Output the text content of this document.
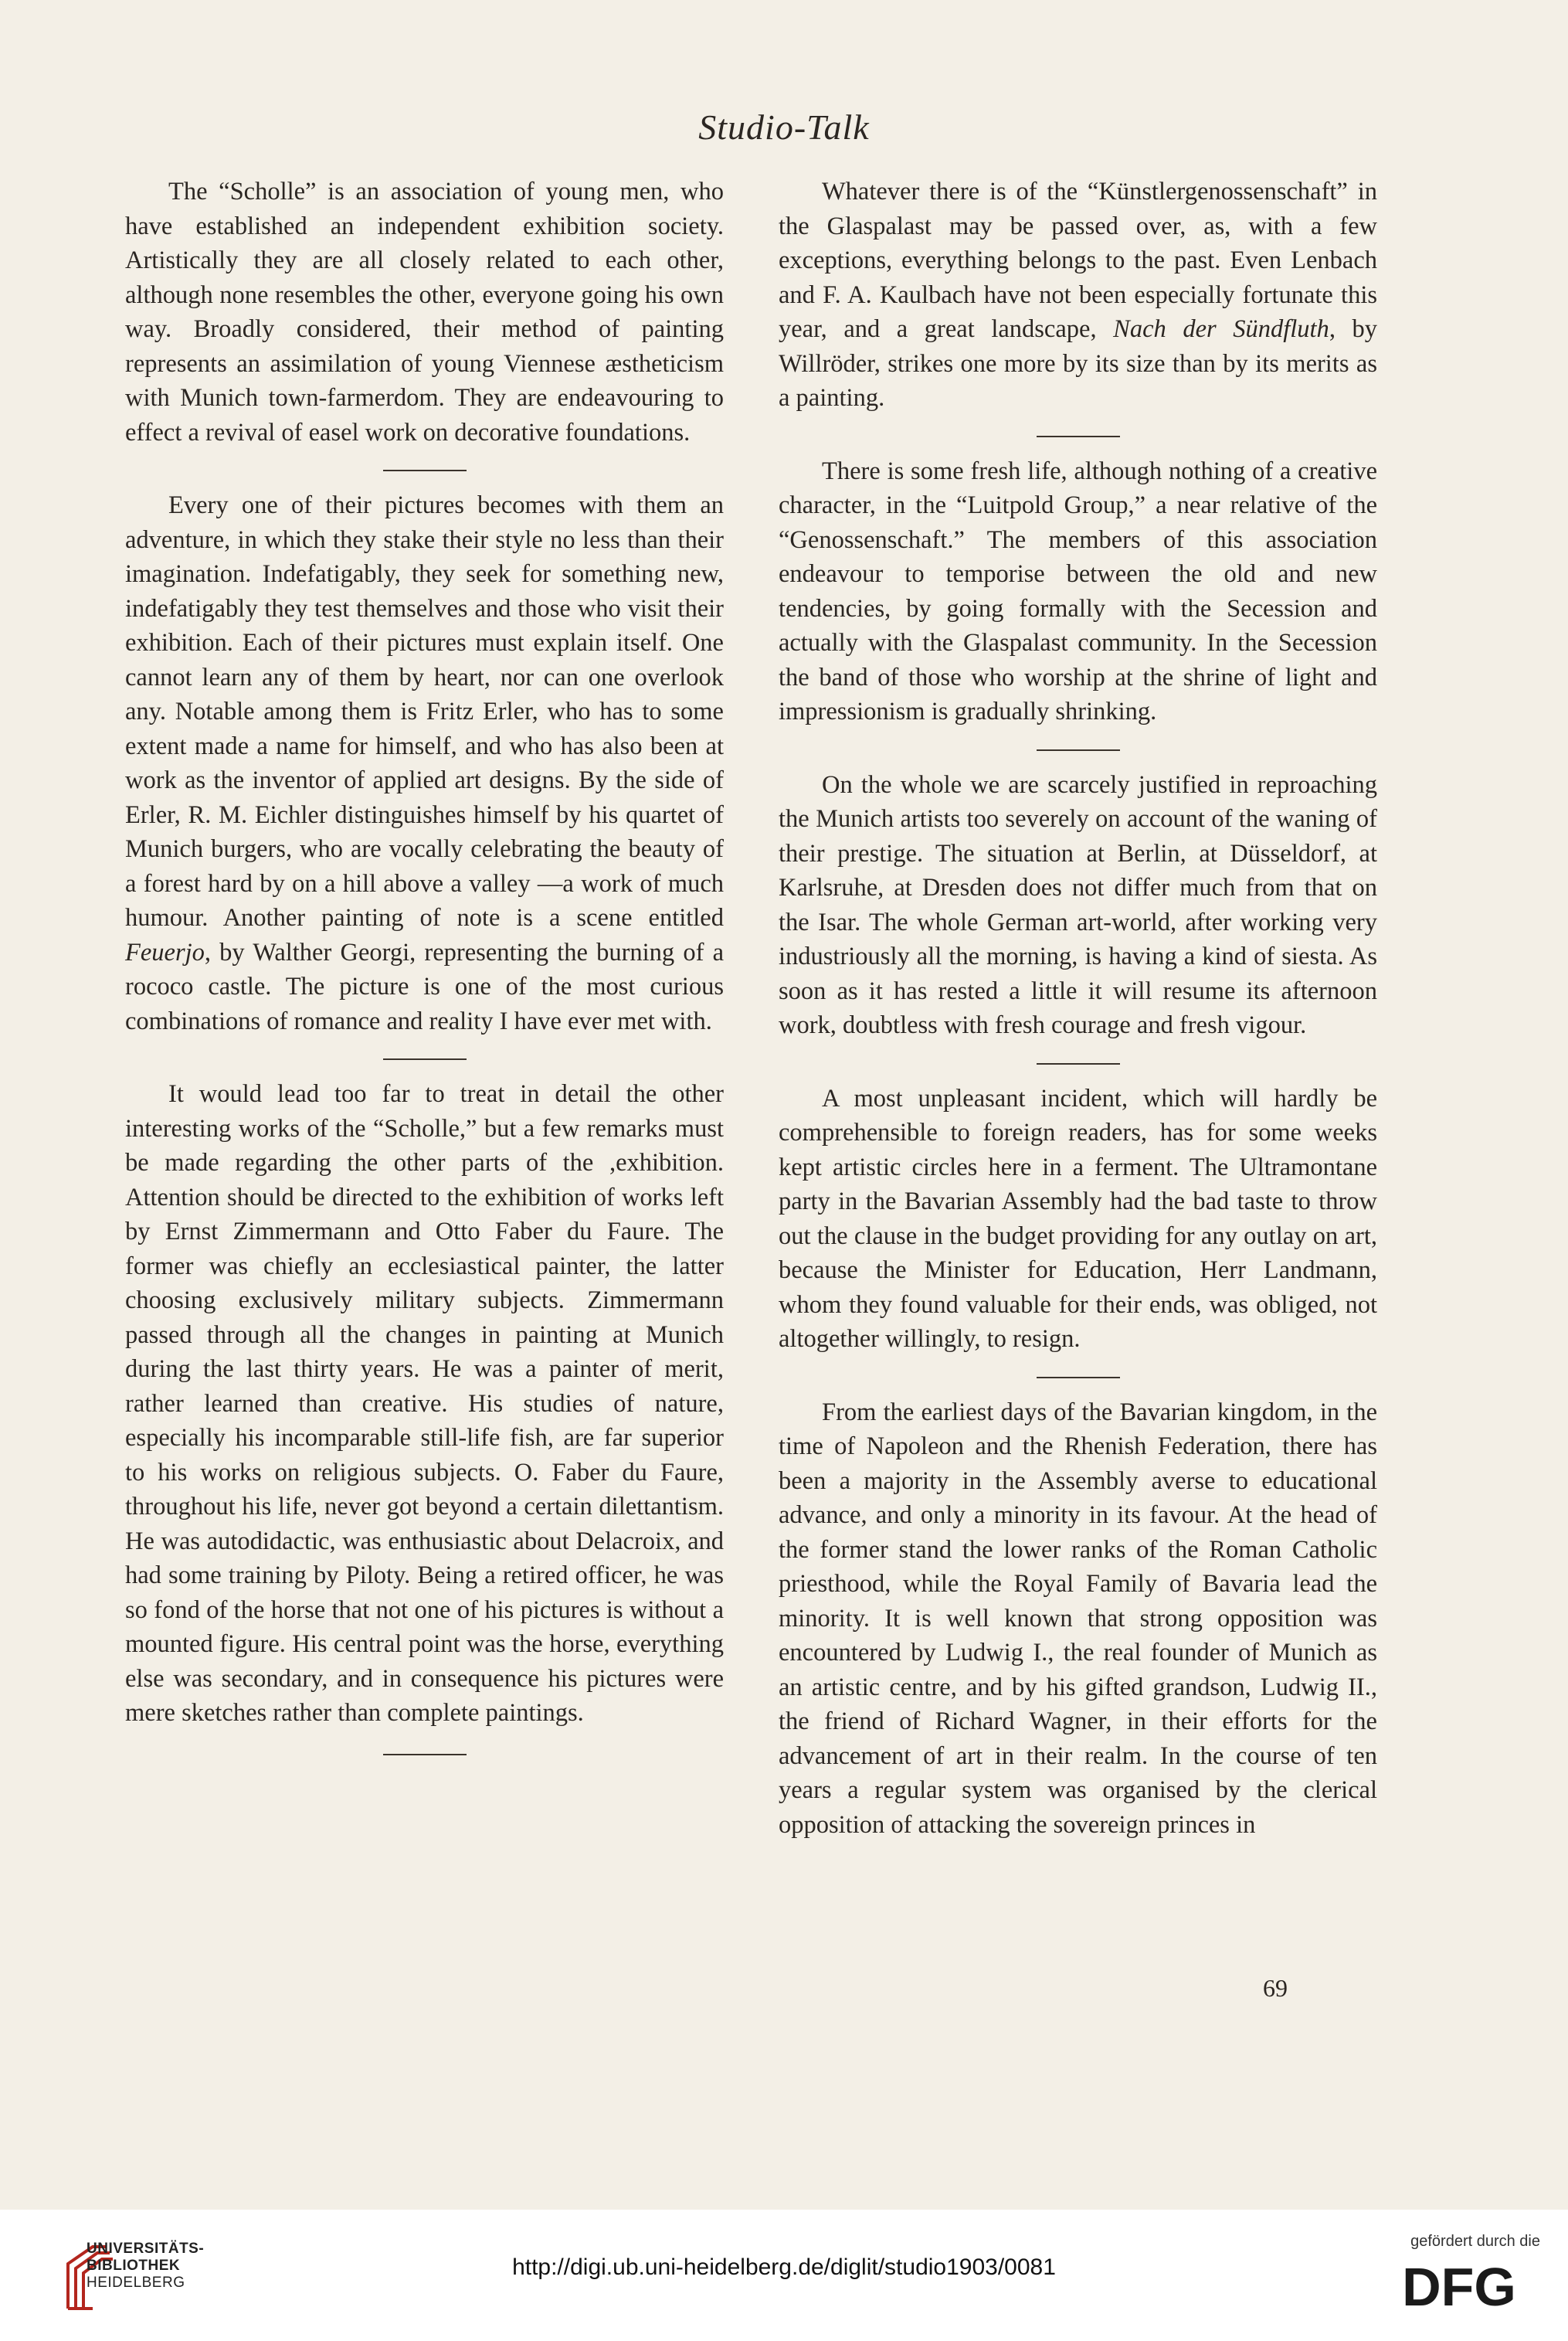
Studio-Talk

The “Scholle” is an association of young men, who have established an independent exhibition society. Artistically they are all closely related to each other, although none resembles the other, everyone going his own way. Broadly considered, their method of painting represents an assimilation of young Viennese æstheticism with Munich town-farmerdom. They are endeavouring to effect a revival of easel work on decorative foundations.

Every one of their pictures becomes with them an adventure, in which they stake their style no less than their imagination. Indefatigably, they seek for something new, indefatigably they test themselves and those who visit their exhibition. Each of their pictures must explain itself. One cannot learn any of them by heart, nor can one overlook any. Notable among them is Fritz Erler, who has to some extent made a name for himself, and who has also been at work as the inventor of applied art designs. By the side of Erler, R. M. Eichler distinguishes himself by his quartet of Munich burgers, who are vocally celebrating the beauty of a forest hard by on a hill above a valley —a work of much humour. Another painting of note is a scene entitled Feuerjo, by Walther Georgi, representing the burning of a rococo castle. The picture is one of the most curious combinations of romance and reality I have ever met with.

It would lead too far to treat in detail the other interesting works of the “Scholle,” but a few remarks must be made regarding the other parts of the ,exhibition. Attention should be directed to the exhibition of works left by Ernst Zimmermann and Otto Faber du Faure. The former was chiefly an ecclesiastical painter, the latter choosing exclusively military subjects. Zimmermann passed through all the changes in painting at Munich during the last thirty years. He was a painter of merit, rather learned than creative. His studies of nature, especially his incomparable still-life fish, are far superior to his works on religious subjects. O. Faber du Faure, throughout his life, never got beyond a certain dilettantism. He was autodidactic, was enthusiastic about Delacroix, and had some training by Piloty. Being a retired officer, he was so fond of the horse that not one of his pictures is without a mounted figure. His central point was the horse, everything else was secondary, and in consequence his pictures were mere sketches rather than complete paintings.

Whatever there is of the “Künstlergenossenschaft” in the Glaspalast may be passed over, as, with a few exceptions, everything belongs to the past. Even Lenbach and F. A. Kaulbach have not been especially fortunate this year, and a great landscape, Nach der Sündfluth, by Willröder, strikes one more by its size than by its merits as a painting.

There is some fresh life, although nothing of a creative character, in the “Luitpold Group,” a near relative of the “Genossenschaft.” The members of this association endeavour to temporise between the old and new tendencies, by going formally with the Secession and actually with the Glaspalast community. In the Secession the band of those who worship at the shrine of light and impressionism is gradually shrinking.

On the whole we are scarcely justified in reproaching the Munich artists too severely on account of the waning of their prestige. The situation at Berlin, at Düsseldorf, at Karlsruhe, at Dresden does not differ much from that on the Isar. The whole German art-world, after working very industriously all the morning, is having a kind of siesta. As soon as it has rested a little it will resume its afternoon work, doubtless with fresh courage and fresh vigour.

A most unpleasant incident, which will hardly be comprehensible to foreign readers, has for some weeks kept artistic circles here in a ferment. The Ultramontane party in the Bavarian Assembly had the bad taste to throw out the clause in the budget providing for any outlay on art, because the Minister for Education, Herr Landmann, whom they found valuable for their ends, was obliged, not altogether willingly, to resign.

From the earliest days of the Bavarian kingdom, in the time of Napoleon and the Rhenish Federation, there has been a majority in the Assembly averse to educational advance, and only a minority in its favour. At the head of the former stand the lower ranks of the Roman Catholic priesthood, while the Royal Family of Bavaria lead the minority. It is well known that strong opposition was encountered by Ludwig I., the real founder of Munich as an artistic centre, and by his gifted grandson, Ludwig II., the friend of Richard Wagner, in their efforts for the advancement of art in their realm. In the course of ten years a regular system was organised by the clerical opposition of attacking the sovereign princes in

69
UNIVERSITÄTS-
BIBLIOTHEK
HEIDELBERG
http://digi.ub.uni-heidelberg.de/diglit/studio1903/0081
gefördert durch die
DFG
